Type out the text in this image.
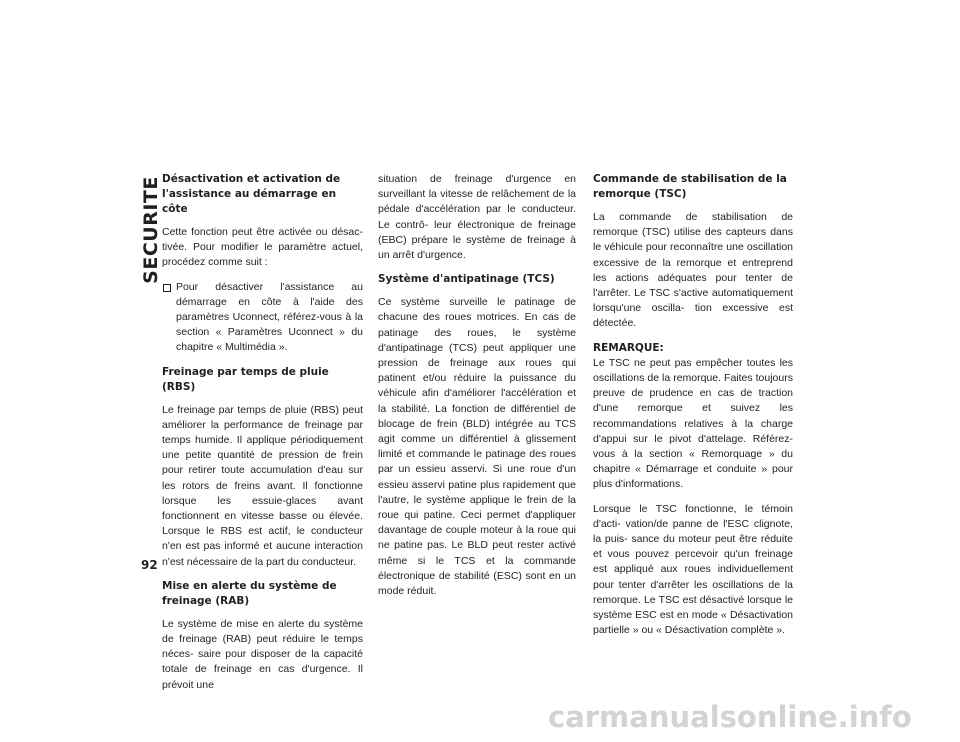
SECURITE Désactivation et activation de l'assistance au démarrage en côte

Cette fonction peut être activée ou désac- tivée. Pour modifier le paramètre actuel, procédez comme suit :

Pour désactiver l'assistance au démarrage en côte à l'aide des paramètres Uconnect, référez-vous à la section « Paramètres Uconnect » du chapitre « Multimédia ».
Freinage par temps de pluie (RBS)

Le freinage par temps de pluie (RBS) peut améliorer la performance de freinage par temps humide. Il applique périodiquement une petite quantité de pression de frein pour retirer toute accumulation d'eau sur les rotors de freins avant. Il fonctionne lorsque les essuie-glaces avant fonctionnent en vitesse basse ou élevée. Lorsque le RBS est actif, le conducteur n'en est pas informé et aucune interaction n'est nécessaire de la part du conducteur.

Mise en alerte du système de freinage (RAB)

Le système de mise en alerte du système de freinage (RAB) peut réduire le temps néces- saire pour disposer de la capacité totale de freinage en cas d'urgence. Il prévoit une

situation de freinage d'urgence en surveillant la vitesse de relâchement de la pédale d'accélération par le conducteur. Le contrô- leur électronique de freinage (EBC) prépare le système de freinage à un arrêt d'urgence.

Système d'antipatinage (TCS)

Ce système surveille le patinage de chacune des roues motrices. En cas de patinage des roues, le système d'antipatinage (TCS) peut appliquer une pression de freinage aux roues qui patinent et/ou réduire la puissance du véhicule afin d'améliorer l'accélération et la stabilité. La fonction de différentiel de blocage de frein (BLD) intégrée au TCS agit comme un différentiel à glissement limité et commande le patinage des roues par un essieu asservi. Si une roue d'un essieu asservi patine plus rapidement que l'autre, le système applique le frein de la roue qui patine. Ceci permet d'appliquer davantage de couple moteur à la roue qui ne patine pas. Le BLD peut rester activé même si le TCS et la commande électronique de stabilité (ESC) sont en un mode réduit.

Commande de stabilisation de la remorque (TSC)

La commande de stabilisation de remorque (TSC) utilise des capteurs dans le véhicule pour reconnaître une oscillation excessive de la remorque et entreprend les actions adéquates pour tenter de l'arrêter. Le TSC s'active automatiquement lorsqu'une oscilla- tion excessive est détectée.

REMARQUE:
Le TSC ne peut pas empêcher toutes les oscillations de la remorque. Faites toujours preuve de prudence en cas de traction d'une remorque et suivez les recommandations relatives à la charge d'appui sur le pivot d'attelage. Référez-vous à la section « Remorquage » du chapitre « Démarrage et conduite » pour plus d'informations.

Lorsque le TSC fonctionne, le témoin d'acti- vation/de panne de l'ESC clignote, la puis- sance du moteur peut être réduite et vous pouvez percevoir qu'un freinage est appliqué aux roues individuellement pour tenter d'arrêter les oscillations de la remorque. Le TSC est désactivé lorsque le système ESC est en mode « Désactivation partielle » ou « Désactivation complète ».

92
carmanualsonline.info
